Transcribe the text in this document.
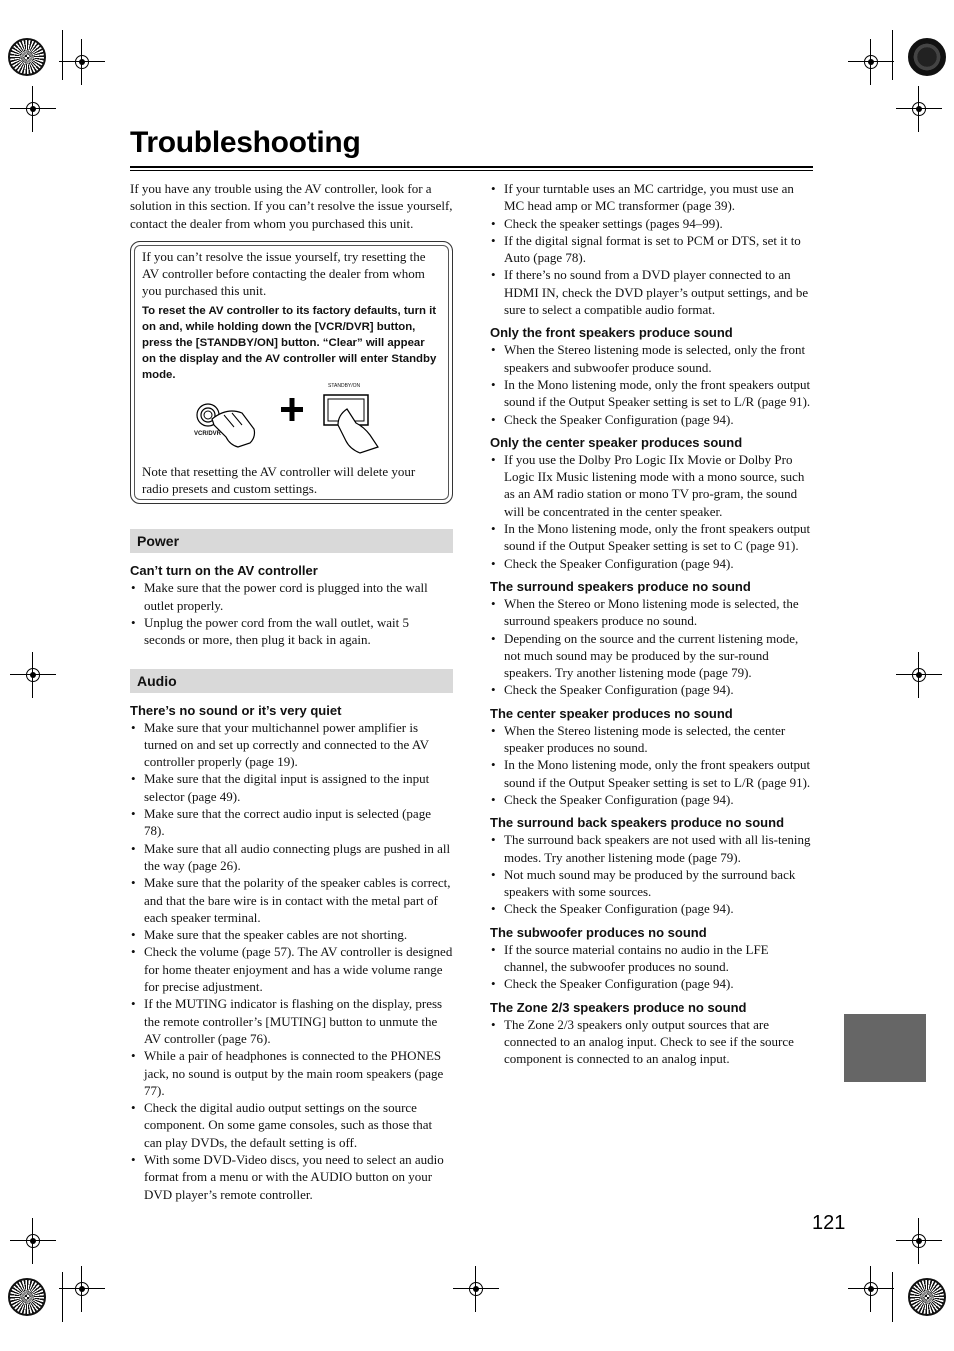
Troubleshooting

If you have any trouble using the AV controller, look for a solution in this section. If you can’t resolve the issue yourself, contact the dealer from whom you purchased this unit.

If you can’t resolve the issue yourself, try resetting the AV controller before contacting the dealer from whom you purchased this unit.

To reset the AV controller to its factory defaults, turn it on and, while holding down the [VCR/DVR] button, press the [STANDBY/ON] button. “Clear” will appear on the display and the AV controller will enter Standby mode.

VCR/DVR
STANDBY/ON

Note that resetting the AV controller will delete your radio presets and custom settings.

Power

Can’t turn on the AV controller

• Make sure that the power cord is plugged into the wall outlet properly.
• Unplug the power cord from the wall outlet, wait 5 seconds or more, then plug it back in again.
Audio

There’s no sound or it’s very quiet

• Make sure that your multichannel power amplifier is turned on and set up correctly and connected to the AV controller properly (page 19).
• Make sure that the digital input is assigned to the input selector (page 49).
• Make sure that the correct audio input is selected (page 78).
• Make sure that all audio connecting plugs are pushed in all the way (page 26).
• Make sure that the polarity of the speaker cables is correct, and that the bare wire is in contact with the metal part of each speaker terminal.
• Make sure that the speaker cables are not shorting.
• Check the volume (page 57). The AV controller is designed for home theater enjoyment and has a wide volume range for precise adjustment.
• If the MUTING indicator is flashing on the display, press the remote controller’s [MUTING] button to unmute the AV controller (page 76).
• While a pair of headphones is connected to the PHONES jack, no sound is output by the main room speakers (page 77).
• Check the digital audio output settings on the source component. On some game consoles, such as those that can play DVDs, the default setting is off.
• With some DVD-Video discs, you need to select an audio format from a menu or with the AUDIO button on your DVD player’s remote controller.
• If your turntable uses an MC cartridge, you must use an MC head amp or MC transformer (page 39).
• Check the speaker settings (pages 94–99).
• If the digital signal format is set to PCM or DTS, set it to Auto (page 78).
• If there’s no sound from a DVD player connected to an HDMI IN, check the DVD player’s output settings, and be sure to select a compatible audio format.

Only the front speakers produce sound

• When the Stereo listening mode is selected, only the front speakers and subwoofer produce sound.
• In the Mono listening mode, only the front speakers output sound if the Output Speaker setting is set to L/R (page 91).
• Check the Speaker Configuration (page 94).

Only the center speaker produces sound

• If you use the Dolby Pro Logic IIx Movie or Dolby Pro Logic IIx Music listening mode with a mono source, such as an AM radio station or mono TV pro-gram, the sound will be concentrated in the center speaker.
• In the Mono listening mode, only the front speakers output sound if the Output Speaker setting is set to C (page 91).
• Check the Speaker Configuration (page 94).

The surround speakers produce no sound

• When the Stereo or Mono listening mode is selected, the surround speakers produce no sound.
• Depending on the source and the current listening mode, not much sound may be produced by the sur-round speakers. Try another listening mode (page 79).
• Check the Speaker Configuration (page 94).

The center speaker produces no sound

• When the Stereo listening mode is selected, the center speaker produces no sound.
• In the Mono listening mode, only the front speakers output sound if the Output Speaker setting is set to L/R (page 91).
• Check the Speaker Configuration (page 94).

The surround back speakers produce no sound

• The surround back speakers are not used with all lis-tening modes. Try another listening mode (page 79).
• Not much sound may be produced by the surround back speakers with some sources.
• Check the Speaker Configuration (page 94).

The subwoofer produces no sound

• If the source material contains no audio in the LFE channel, the subwoofer produces no sound.
• Check the Speaker Configuration (page 94).

The Zone 2/3 speakers produce no sound

• The Zone 2/3 speakers only output sources that are connected to an analog input. Check to see if the source component is connected to an analog input.
121
